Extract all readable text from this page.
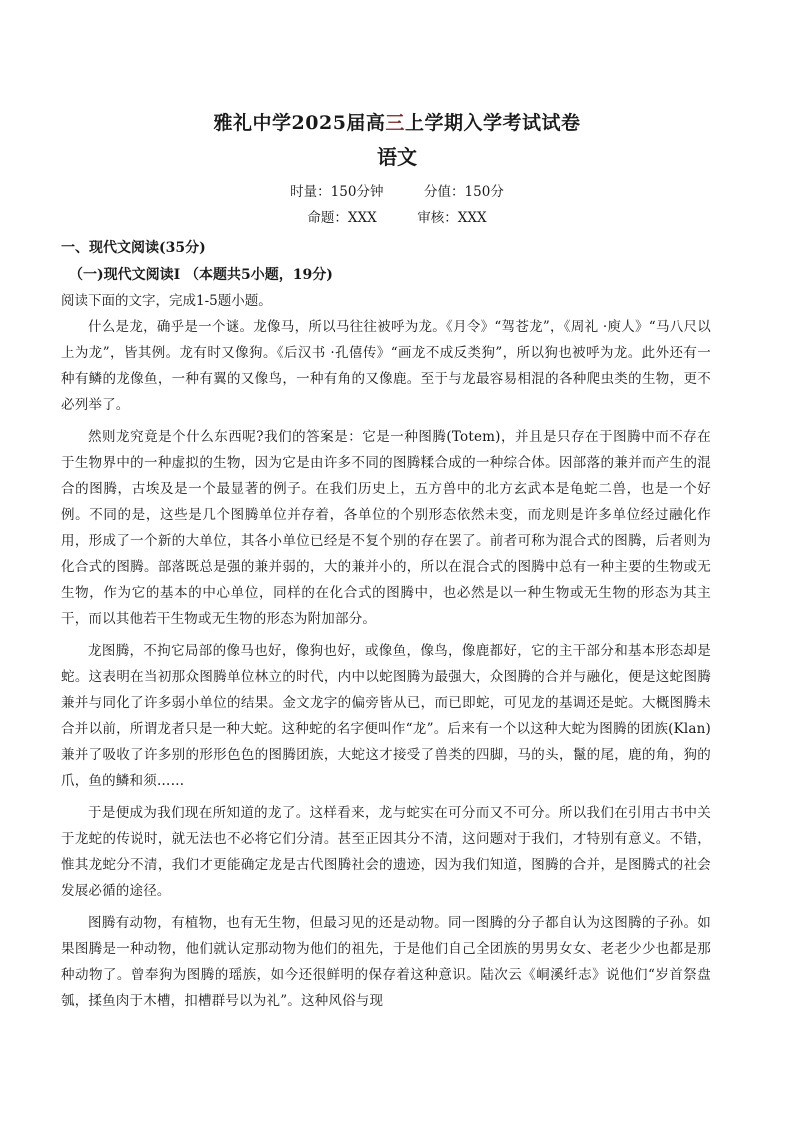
雅礼中学2025届高三上学期入学考试试卷
语文
时量：150分钟	分值：150分
命题：XXX	审核：XXX
一、现代文阅读(35分)
（一)现代文阅读I （本题共5小题，19分)
阅读下面的文字，完成1-5题小题。

什么是龙，确乎是一个谜。龙像马，所以马往往被呼为龙。《月令》“驾苍龙”，《周礼 ·庾人》“马八尺以上为龙”，皆其例。龙有时又像狗。《后汉书 ·孔僖传》“画龙不成反类狗”，所以狗也被呼为龙。此外还有一种有鳞的龙像鱼，一种有翼的又像鸟，一种有角的又像鹿。至于与龙最容易相混的各种爬虫类的生物，更不必列举了。

然则龙究竟是个什么东西呢?我们的答案是：它是一种图腾(Totem)，并且是只存在于图腾中而不存在于生物界中的一种虚拟的生物，因为它是由许多不同的图腾糅合成的一种综合体。因部落的兼并而产生的混合的图腾，古埃及是一个最显著的例子。在我们历史上，五方兽中的北方玄武本是龟蛇二兽，也是一个好例。不同的是，这些是几个图腾单位并存着，各单位的个别形态依然未变，而龙则是许多单位经过融化作用，形成了一个新的大单位，其各小单位已经是不复个别的存在罢了。前者可称为混合式的图腾，后者则为化合式的图腾。部落既总是强的兼并弱的，大的兼并小的，所以在混合式的图腾中总有一种主要的生物或无生物，作为它的基本的中心单位，同样的在化合式的图腾中，也必然是以一种生物或无生物的形态为其主干，而以其他若干生物或无生物的形态为附加部分。

龙图腾，不拘它局部的像马也好，像狗也好，或像鱼，像鸟，像鹿都好，它的主干部分和基本形态却是蛇。这表明在当初那众图腾单位林立的时代，内中以蛇图腾为最强大，众图腾的合并与融化，便是这蛇图腾兼并与同化了许多弱小单位的结果。金文龙字的偏旁皆从已，而已即蛇，可见龙的基调还是蛇。大概图腾未合并以前，所谓龙者只是一种大蛇。这种蛇的名字便叫作“龙”。后来有一个以这种大蛇为图腾的团族(Klan) 兼并了吸收了许多别的形形色色的图腾团族，大蛇这才接受了兽类的四脚，马的头，鬣的尾，鹿的角，狗的爪，鱼的鳞和须……

于是便成为我们现在所知道的龙了。这样看来，龙与蛇实在可分而又不可分。所以我们在引用古书中关于龙蛇的传说时，就无法也不必将它们分清。甚至正因其分不清，这问题对于我们，才特别有意义。不错，惟其龙蛇分不清，我们才更能确定龙是古代图腾社会的遗迹，因为我们知道，图腾的合并，是图腾式的社会发展必循的途径。

图腾有动物，有植物，也有无生物，但最习见的还是动物。同一图腾的分子都自认为这图腾的子孙。如果图腾是一种动物，他们就认定那动物为他们的祖先，于是他们自己全团族的男男女女、老老少少也都是那种动物了。曾奉狗为图腾的瑶族，如今还很鲜明的保存着这种意识。陆次云《峒溪纤志》说他们“岁首祭盘瓠，揉鱼肉于木槽，扣槽群号以为礼”。这种风俗与现
